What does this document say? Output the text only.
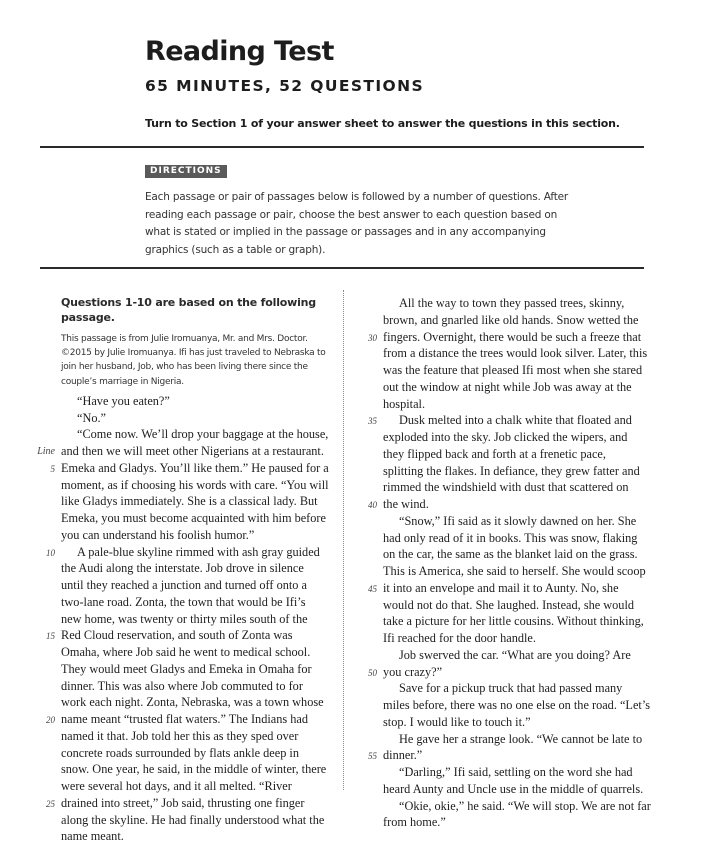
Reading Test
65 MINUTES, 52 QUESTIONS
Turn to Section 1 of your answer sheet to answer the questions in this section.
DIRECTIONS
Each passage or pair of passages below is followed by a number of questions. After reading each passage or pair, choose the best answer to each question based on what is stated or implied in the passage or passages and in any accompanying graphics (such as a table or graph).
Questions 1-10 are based on the following passage.
This passage is from Julie Iromuanya, Mr. and Mrs. Doctor. ©2015 by Julie Iromuanya. Ifi has just traveled to Nebraska to join her husband, Job, who has been living there since the couple’s marriage in Nigeria.
“Have you eaten?”
“No.”
“Come now. We’ll drop your baggage at the house,
Line and then we will meet other Nigerians at a restaurant.
5 Emeka and Gladys. You’ll like them.” He paused for a
moment, as if choosing his words with care. “You will
like Gladys immediately. She is a classical lady. But
Emeka, you must become acquainted with him before
you can understand his foolish humor.”
10 A pale-blue skyline rimmed with ash gray guided
the Audi along the interstate. Job drove in silence
until they reached a junction and turned off onto a
two-lane road. Zonta, the town that would be Ifi’s
new home, was twenty or thirty miles south of the
15 Red Cloud reservation, and south of Zonta was
Omaha, where Job said he went to medical school.
They would meet Gladys and Emeka in Omaha for
dinner. This was also where Job commuted to for
work each night. Zonta, Nebraska, was a town whose
20 name meant “trusted flat waters.” The Indians had
named it that. Job told her this as they sped over
concrete roads surrounded by flats ankle deep in
snow. One year, he said, in the middle of winter, there
were several hot days, and it all melted. “River
25 drained into street,” Job said, thrusting one finger
along the skyline. He had finally understood what the
name meant.
All the way to town they passed trees, skinny,
brown, and gnarled like old hands. Snow wetted the
30 fingers. Overnight, there would be such a freeze that
from a distance the trees would look silver. Later, this
was the feature that pleased Ifi most when she stared
out the window at night while Job was away at the
hospital.
35 Dusk melted into a chalk white that floated and
exploded into the sky. Job clicked the wipers, and
they flipped back and forth at a frenetic pace,
splitting the flakes. In defiance, they grew fatter and
rimmed the windshield with dust that scattered on
40 the wind.
“Snow,” Ifi said as it slowly dawned on her. She
had only read of it in books. This was snow, flaking
on the car, the same as the blanket laid on the grass.
This is America, she said to herself. She would scoop
45 it into an envelope and mail it to Aunty. No, she
would not do that. She laughed. Instead, she would
take a picture for her little cousins. Without thinking,
Ifi reached for the door handle.
Job swerved the car. “What are you doing? Are
50 you crazy?”
Save for a pickup truck that had passed many
miles before, there was no one else on the road. “Let’s
stop. I would like to touch it.”
He gave her a strange look. “We cannot be late to
55 dinner.”
“Darling,” Ifi said, settling on the word she had
heard Aunty and Uncle use in the middle of quarrels.
“Okie, okie,” he said. “We will stop. We are not far
from home.”
